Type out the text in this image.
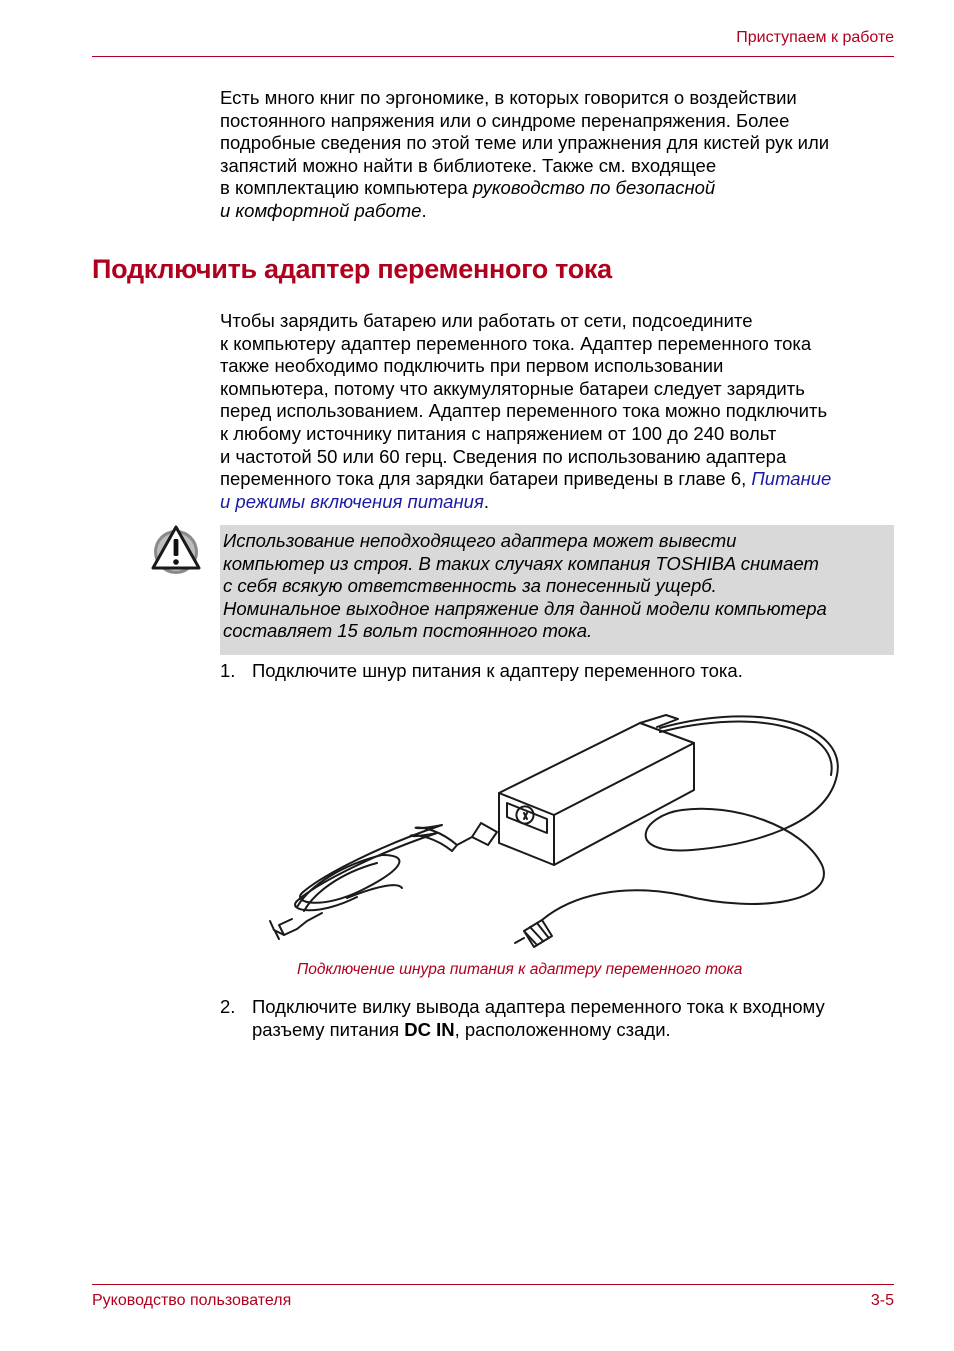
Приступаем к работе

Есть много книг по эргономике, в которых говорится о воздействии
постоянного напряжения или о синдроме перенапряжения. Более
подробные сведения по этой теме или упражнения для кистей рук или
запястий можно найти в библиотеке. Также см. входящее
в комплектацию компьютера руководство по безопасной
и комфортной работе.

Подключить адаптер переменного тока

Чтобы зарядить батарею или работать от сети, подсоедините
к компьютеру адаптер переменного тока. Адаптер переменного тока
также необходимо подключить при первом использовании
компьютера, потому что аккумуляторные батареи следует зарядить
перед использованием. Адаптер переменного тока можно подключить
к любому источнику питания с напряжением от 100 до 240 вольт
и частотой 50 или 60 герц. Сведения по использованию адаптера
переменного тока для зарядки батареи приведены в главе 6, Питание
и режимы включения питания.

Использование неподходящего адаптера может вывести
компьютер из строя. В таких случаях компания TOSHIBA снимает
с себя всякую ответственность за понесенный ущерб.
Номинальное выходное напряжение для данной модели компьютера
составляет 15 вольт постоянного тока.

1. Подключите шнур питания к адаптеру переменного тока.
Подключение шнура питания к адаптеру переменного тока
2. Подключите вилку вывода адаптера переменного тока к входному
разъему питания DC IN, расположенному сзади.
Руководство пользователя	3-5
